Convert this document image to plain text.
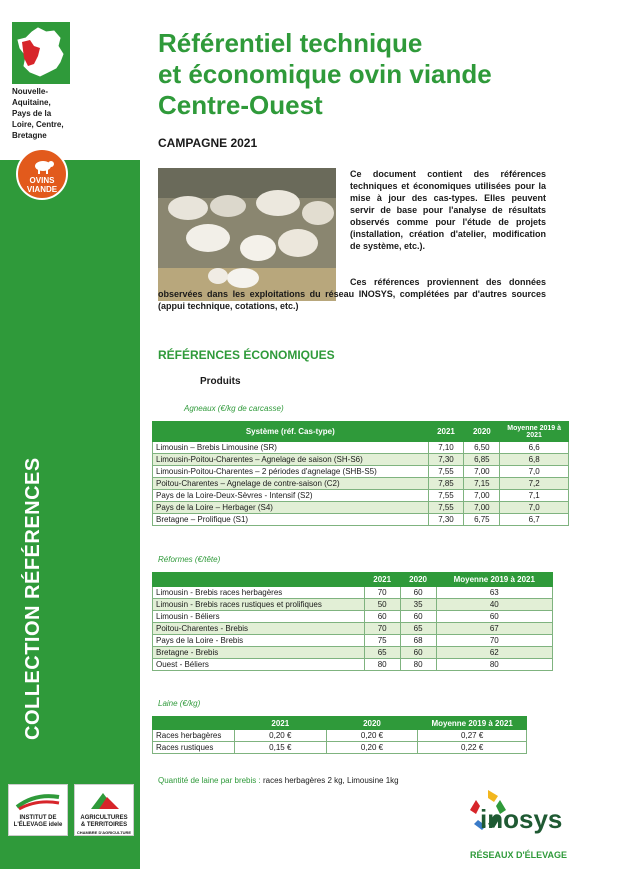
Nouvelle-
Aquitaine,
Pays de la
Loire, Centre,
Bretagne
OVINS
VIANDE
COLLECTION RÉFÉRENCES
INSTITUT DE
L'ÉLEVAGE idele
AGRICULTURES
& TERRITOIRES
CHAMBRE D'AGRICULTURE
Référentiel technique
et économique ovin viande
Centre-Ouest
CAMPAGNE 2021
Ce document contient des références techniques et économiques utilisées pour la mise à jour des cas-types. Elles peuvent servir de base pour l'analyse de résultats observés comme pour l'étude de projets (installation, création d'atelier, modification de système, etc.).
Ces références proviennent des données observées dans les exploitations du réseau INOSYS, complétées par d'autres sources (appui technique, cotations, etc.)
RÉFÉRENCES ÉCONOMIQUES
Produits
Agneaux (€/kg de carcasse)
Système (réf. Cas-type)	2021	2020	Moyenne 2019 à 2021
Limousin – Brebis Limousine (SR)	7,10	6,50	6,6
Limousin-Poitou-Charentes – Agnelage de saison (SH-S6)	7,30	6,85	6,8
Limousin-Poitou-Charentes – 2 périodes d'agnelage (SHB-S5)	7,55	7,00	7,0
Poitou-Charentes – Agnelage de contre-saison (C2)	7,85	7,15	7,2
Pays de la Loire-Deux-Sèvres - Intensif (S2)	7,55	7,00	7,1
Pays de la Loire – Herbager (S4)	7,55	7,00	7,0
Bretagne – Prolifique (S1)	7,30	6,75	6,7
Réformes (€/tête)
	2021	2020	Moyenne 2019 à 2021
Limousin - Brebis races herbagères	70	60	63
Limousin - Brebis races rustiques et prolifiques	50	35	40
Limousin - Béliers	60	60	60
Poitou-Charentes - Brebis	70	65	67
Pays de la Loire - Brebis	75	68	70
Bretagne - Brebis	65	60	62
Ouest - Béliers	80	80	80
Laine (€/kg)
	2021	2020	Moyenne 2019 à 2021
Races herbagères	0,20 €	0,20 €	0,27 €
Races rustiques	0,15 €	0,20 €	0,22 €
Quantité de laine par brebis : races herbagères 2 kg, Limousine 1kg
inosys
RÉSEAUX D'ÉLEVAGE
